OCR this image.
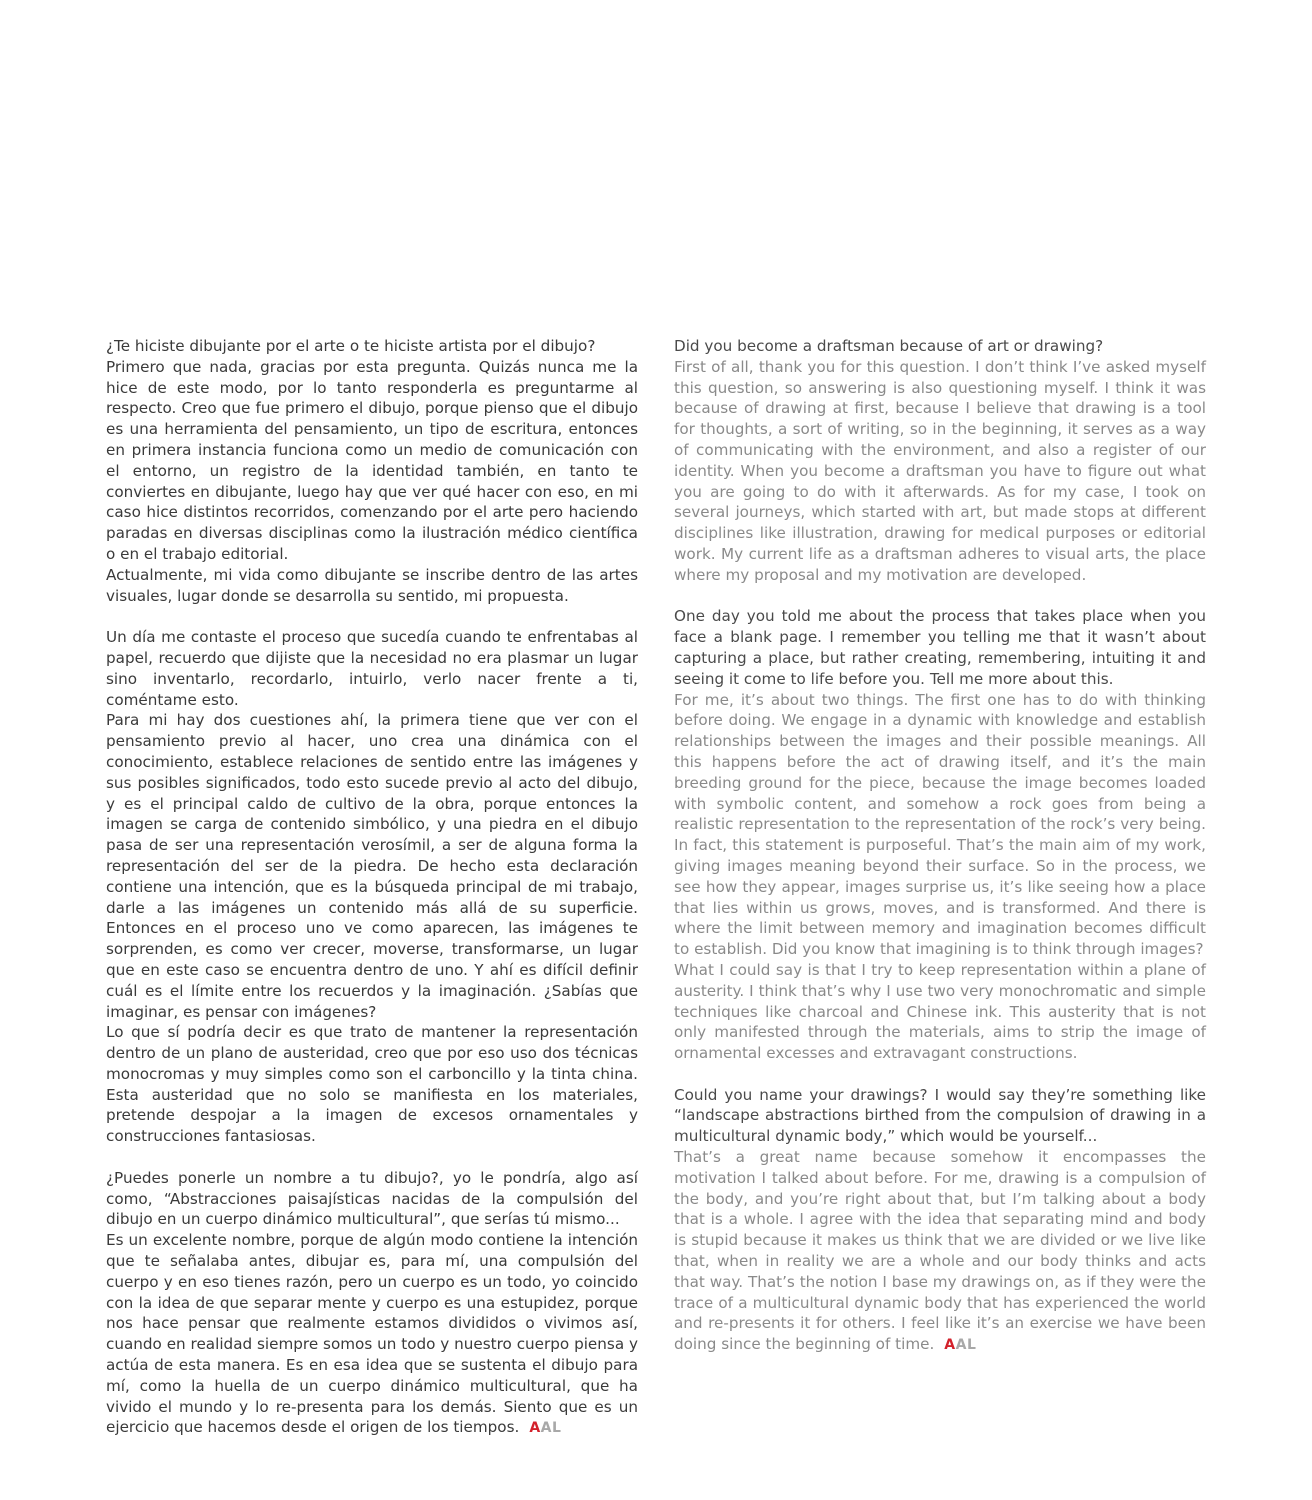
¿Te hiciste dibujante por el arte o te hiciste artista por el dibujo?

Primero que nada, gracias por esta pregunta. Quizás nunca me la hice de este modo, por lo tanto responderla es preguntarme al respecto. Creo que fue primero el dibujo, porque pienso que el dibujo es una herramienta del pensamiento, un tipo de escritura, entonces en primera instancia funciona como un medio de comunicación con el entorno, un registro de la identidad también, en tanto te conviertes en dibujante, luego hay que ver qué hacer con eso, en mi caso hice distintos recorridos, comenzando por el arte pero haciendo paradas en diversas disciplinas como la ilustración médico científica o en el trabajo editorial.

Actualmente, mi vida como dibujante se inscribe dentro de las artes visuales, lugar donde se desarrolla su sentido, mi propuesta.

Un día me contaste el proceso que sucedía cuando te enfrentabas al papel, recuerdo que dijiste que la necesidad no era plasmar un lugar sino inventarlo, recordarlo, intuirlo, verlo nacer frente a ti, coméntame esto.

Para mi hay dos cuestiones ahí, la primera tiene que ver con el pensamiento previo al hacer, uno crea una dinámica con el conocimiento, establece relaciones de sentido entre las imágenes y sus posibles significados, todo esto sucede previo al acto del dibujo, y es el principal caldo de cultivo de la obra, porque entonces la imagen se carga de contenido simbólico, y una piedra en el dibujo pasa de ser una representación verosímil, a ser de alguna forma la representación del ser de la piedra. De hecho esta declaración contiene una intención, que es la búsqueda principal de mi trabajo, darle a las imágenes un contenido más allá de su superficie. Entonces en el proceso uno ve como aparecen, las imágenes te sorprenden, es como ver crecer, moverse, transformarse, un lugar que en este caso se encuentra dentro de uno. Y ahí es difícil definir cuál es el límite entre los recuerdos y la imaginación. ¿Sabías que imaginar, es pensar con imágenes?

Lo que sí podría decir es que trato de mantener la representación dentro de un plano de austeridad, creo que por eso uso dos técnicas monocromas y muy simples como son el carboncillo y la tinta china. Esta austeridad que no solo se manifiesta en los materiales, pretende despojar a la imagen de excesos ornamentales y construcciones fantasiosas.

¿Puedes ponerle un nombre a tu dibujo?, yo le pondría, algo así como, “Abstracciones paisajísticas nacidas de la compulsión del dibujo en un cuerpo dinámico multicultural”, que serías tú mismo...

Es un excelente nombre, porque de algún modo contiene la intención que te señalaba antes, dibujar es, para mí, una compulsión del cuerpo y en eso tienes razón, pero un cuerpo es un todo, yo coincido con la idea de que separar mente y cuerpo es una estupidez, porque nos hace pensar que realmente estamos divididos o vivimos así, cuando en realidad siempre somos un todo y nuestro cuerpo piensa y actúa de esta manera. Es en esa idea que se sustenta el dibujo para mí, como la huella de un cuerpo dinámico multicultural, que ha vivido el mundo y lo re-presenta para los demás. Siento que es un ejercicio que hacemos desde el origen de los tiempos. AAL

Did you become a draftsman because of art or drawing?

First of all, thank you for this question. I don’t think I’ve asked myself this question, so answering is also questioning myself. I think it was because of drawing at first, because I believe that drawing is a tool for thoughts, a sort of writing, so in the beginning, it serves as a way of communicating with the environment, and also a register of our identity. When you become a draftsman you have to figure out what you are going to do with it afterwards. As for my case, I took on several journeys, which started with art, but made stops at different disciplines like illustration, drawing for medical purposes or editorial work. My current life as a draftsman adheres to visual arts, the place where my proposal and my motivation are developed.

One day you told me about the process that takes place when you face a blank page. I remember you telling me that it wasn’t about capturing a place, but rather creating, remembering, intuiting it and seeing it come to life before you. Tell me more about this.

For me, it’s about two things. The first one has to do with thinking before doing. We engage in a dynamic with knowledge and establish relationships between the images and their possible meanings. All this happens before the act of drawing itself, and it’s the main breeding ground for the piece, because the image becomes loaded with symbolic content, and somehow a rock goes from being a realistic representation to the representation of the rock’s very being. In fact, this statement is purposeful. That’s the main aim of my work, giving images meaning beyond their surface. So in the process, we see how they appear, images surprise us, it’s like seeing how a place that lies within us grows, moves, and is transformed. And there is where the limit between memory and imagination becomes difficult to establish. Did you know that imagining is to think through images?

What I could say is that I try to keep representation within a plane of austerity. I think that’s why I use two very monochromatic and simple techniques like charcoal and Chinese ink. This austerity that is not only manifested through the materials, aims to strip the image of ornamental excesses and extravagant constructions.

Could you name your drawings? I would say they’re something like “landscape abstractions birthed from the compulsion of drawing in a multicultural dynamic body,” which would be yourself...

That’s a great name because somehow it encompasses the motivation I talked about before. For me, drawing is a compulsion of the body, and you’re right about that, but I’m talking about a body that is a whole. I agree with the idea that separating mind and body is stupid because it makes us think that we are divided or we live like that, when in reality we are a whole and our body thinks and acts that way. That’s the notion I base my drawings on, as if they were the trace of a multicultural dynamic body that has experienced the world and re-presents it for others. I feel like it’s an exercise we have been doing since the beginning of time. AAL
